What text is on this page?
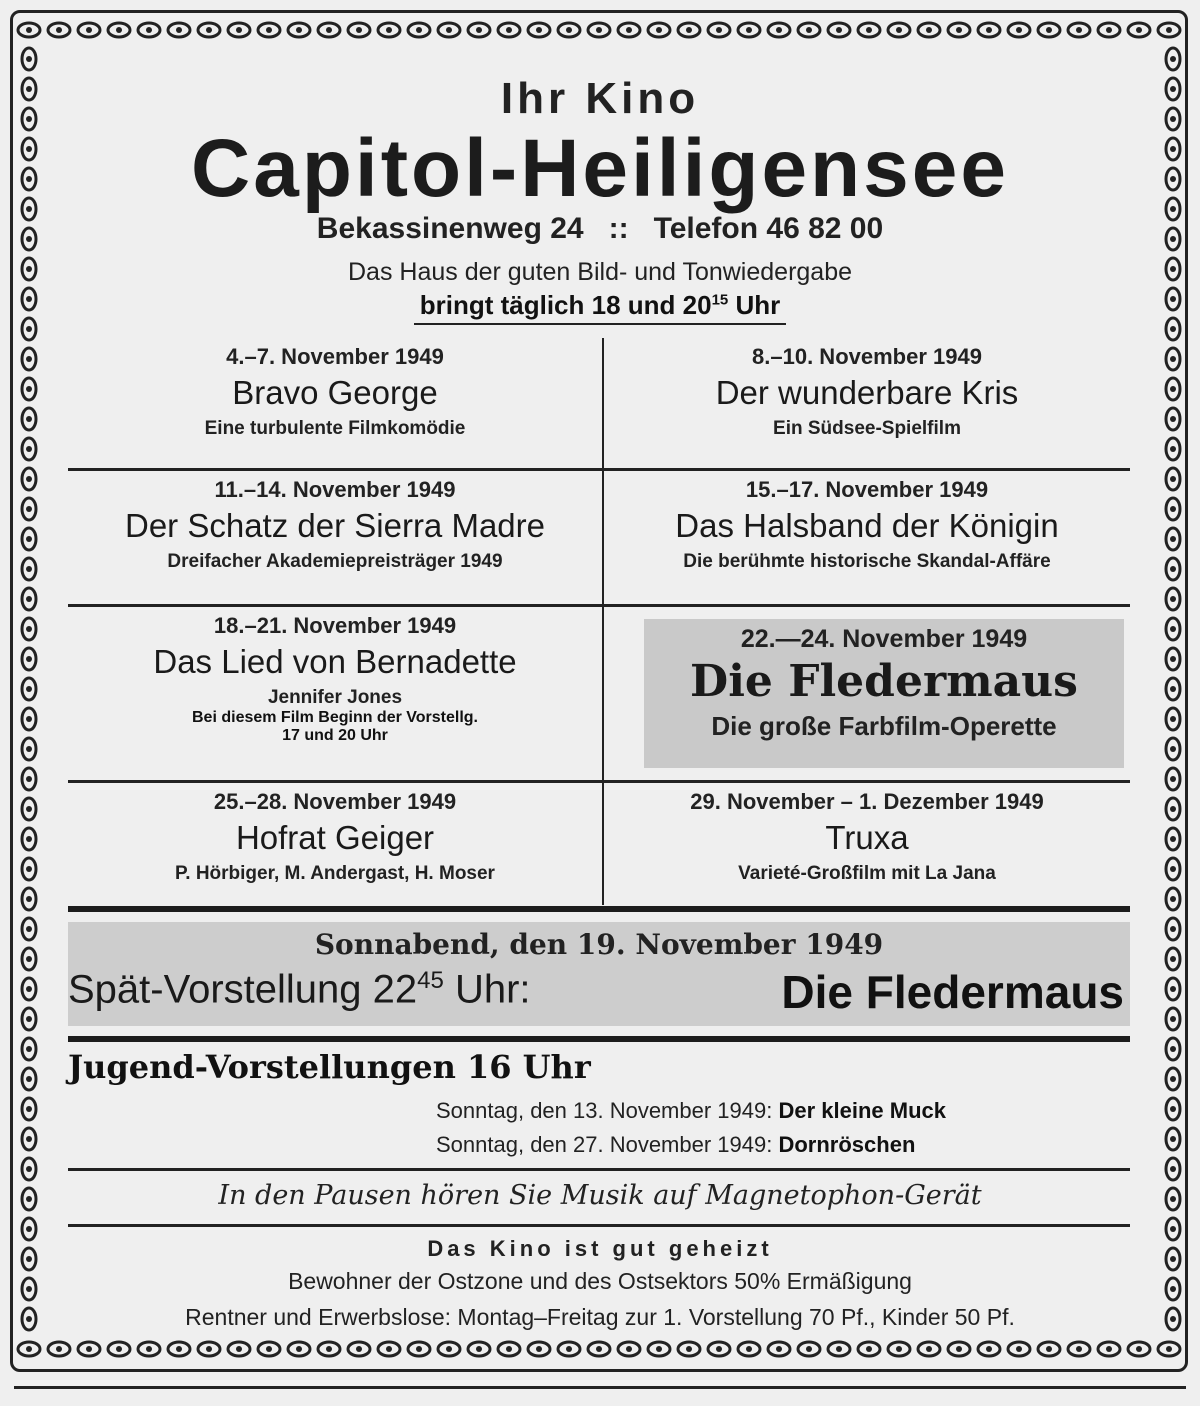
Ihr Kino
Capitol-Heiligensee
Bekassinenweg 24 :: Telefon 46 82 00
Das Haus der guten Bild- und Tonwiedergabe
bringt täglich 18 und $20^{15}$ Uhr
4.–7. November 1949
Bravo George
Eine turbulente Filmkomödie
8.–10. November 1949
Der wunderbare Kris
Ein Südsee-Spielfilm
11.–14. November 1949
Der Schatz der Sierra Madre
Dreifacher Akademiepreisträger 1949
15.–17. November 1949
Das Halsband der Königin
Die berühmte historische Skandal-Affäre
18.–21. November 1949
Das Lied von Bernadette
Jennifer Jones
Bei diesem Film Beginn der Vorstellg.
17 und 20 Uhr
22.—24. November 1949
Die Fledermaus
Die große Farbfilm-Operette
25.–28. November 1949
Hofrat Geiger
P. Hörbiger, M. Andergast, H. Moser
29. November – 1. Dezember 1949
Truxa
Varieté-Großfilm mit La Jana
Sonnabend, den 19. November 1949
Spät-Vorstellung $22^{45}$ Uhr:	Die Fledermaus
Jugend-Vorstellungen 16 Uhr
Sonntag, den 13. November 1949: Der kleine Muck
Sonntag, den 27. November 1949: Dornröschen
In den Pausen hören Sie Musik auf Magnetophon-Gerät
Das Kino ist gut geheizt
Bewohner der Ostzone und des Ostsektors 50% Ermäßigung
Rentner und Erwerbslose: Montag–Freitag zur 1. Vorstellung 70 Pf., Kinder 50 Pf.
